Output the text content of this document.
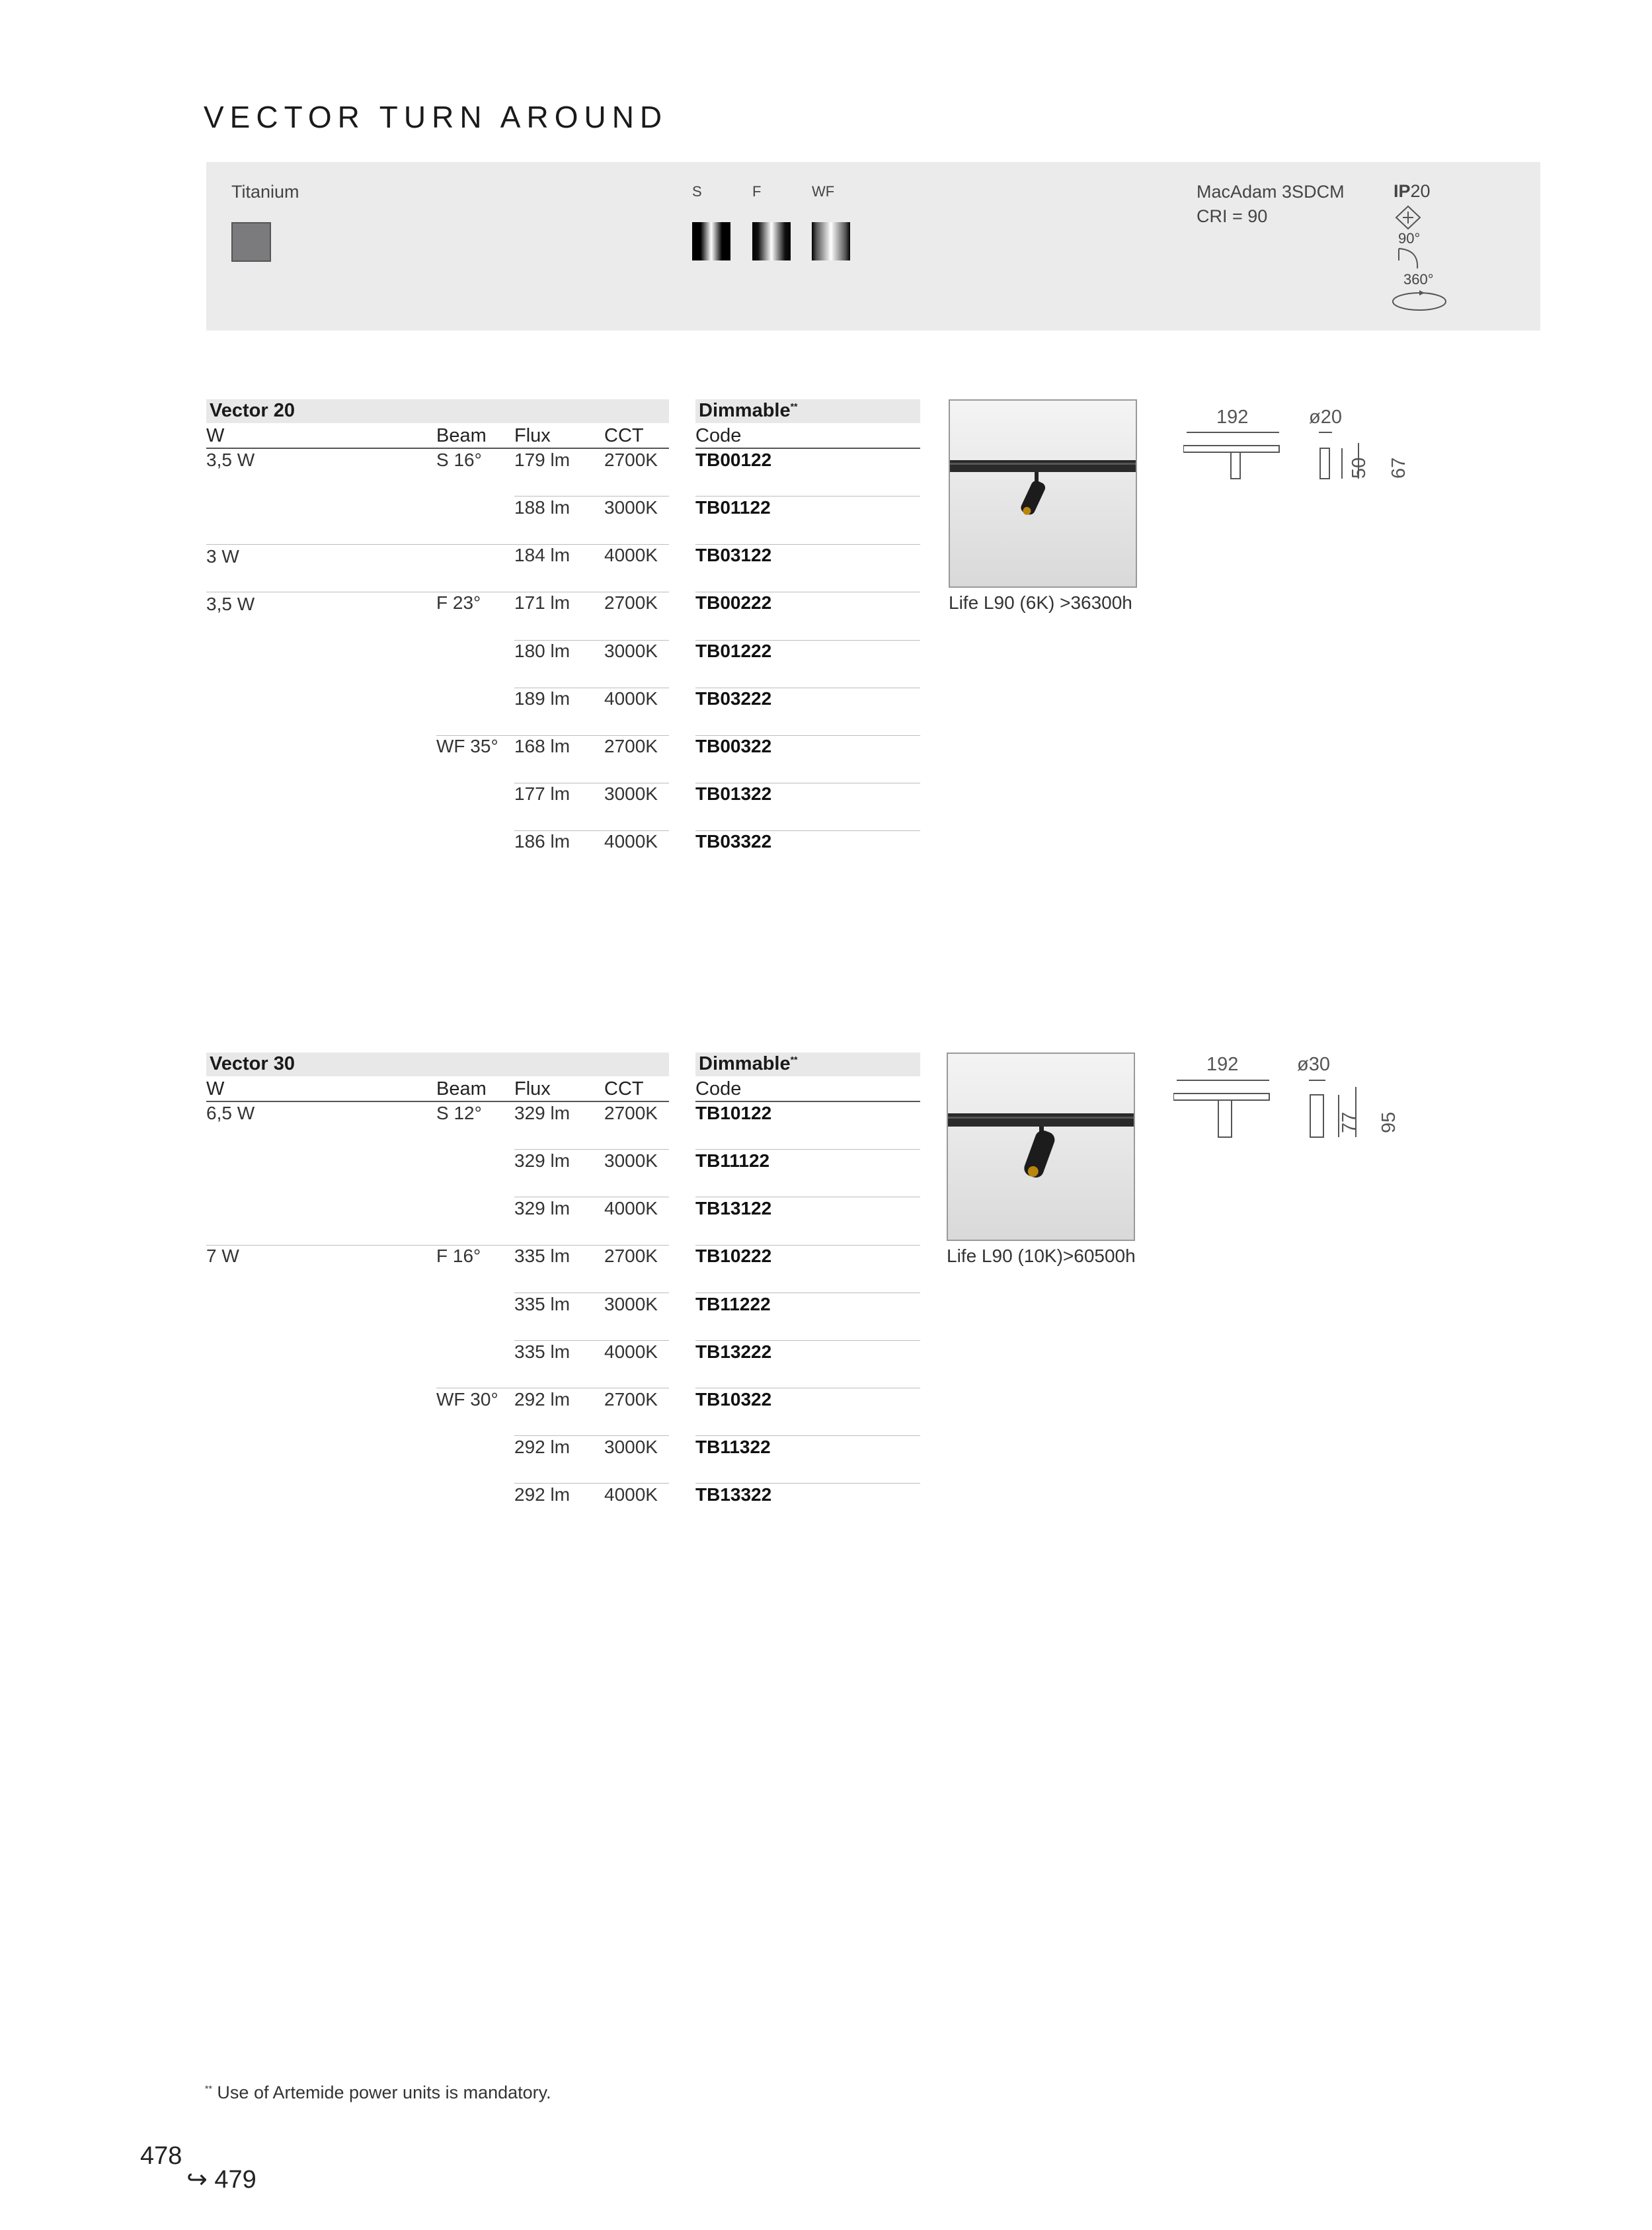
VECTOR TURN AROUND
Titanium	S	F	WF	MacAdam 3SDCM
CRI = 90
IP20
90°
360°
Vector 20	Dimmable**
W	Beam Flux	CCT	Code
3,5 W	S 16° 179 lm 2700K TB00122
188 lm 3000K TB01122
3 W	184 lm 4000K TB03122
3,5 W	F 23° 171 lm 2700K TB00222
180 lm 3000K TB01222
189 lm 4000K TB03222
WF 35° 168 lm 2700K TB00322
177 lm 3000K TB01322
186 lm 4000K TB03322
Life L90 (6K) >36300h
192	ø20
50 67
Vector 30	Dimmable**
W	Beam Flux	CCT	Code
6,5 W	S 12° 329 lm 2700K TB10122
329 lm 3000K TB11122
329 lm 4000K TB13122
7 W	F 16° 335 lm 2700K TB10222
335 lm 3000K TB11222
335 lm 4000K TB13222
WF 30° 292 lm 2700K TB10322
292 lm 3000K TB11322
292 lm 4000K TB13322
Life L90 (10K)>60500h
192	ø30
77 95
** Use of Artemide power units is mandatory.
478
↪ 479
